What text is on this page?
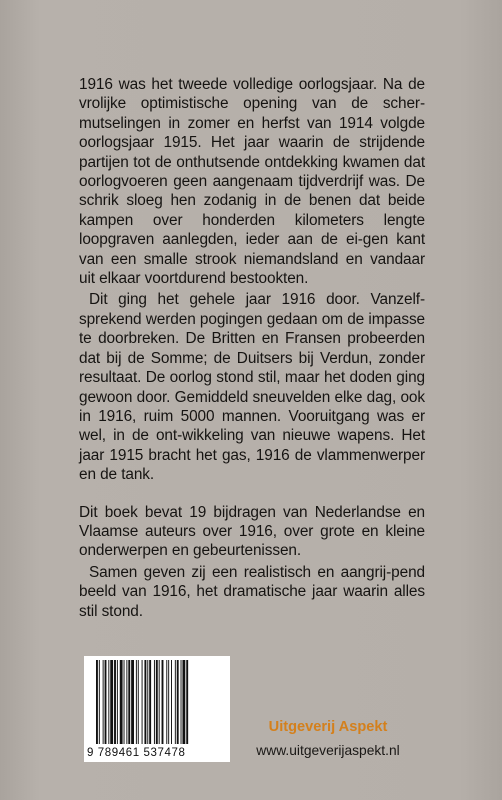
1916 was het tweede volledige oorlogsjaar. Na de vrolijke optimistische opening van de scher-mutselingen in zomer en herfst van 1914 volgde oorlogsjaar 1915. Het jaar waarin de strijdende partijen tot de onthutsende ontdekking kwamen dat oorlogvoeren geen aangenaam tijdverdrijf was. De schrik sloeg hen zodanig in de benen dat beide kampen over honderden kilometers lengte loopgraven aanlegden, ieder aan de ei-gen kant van een smalle strook niemandsland en vandaar uit elkaar voortdurend bestookten.

Dit ging het gehele jaar 1916 door. Vanzelf-sprekend werden pogingen gedaan om de impasse te doorbreken. De Britten en Fransen probeerden dat bij de Somme; de Duitsers bij Verdun, zonder resultaat. De oorlog stond stil, maar het doden ging gewoon door. Gemiddeld sneuvelden elke dag, ook in 1916, ruim 5000 mannen. Vooruitgang was er wel, in de ont-wikkeling van nieuwe wapens. Het jaar 1915 bracht het gas, 1916 de vlammenwerper en de tank.

Dit boek bevat 19 bijdragen van Nederlandse en Vlaamse auteurs over 1916, over grote en kleine onderwerpen en gebeurtenissen.

Samen geven zij een realistisch en aangrij-pend beeld van 1916, het dramatische jaar waarin alles stil stond.

9 789461 537478
Uitgeverij Aspekt
www.uitgeverijaspekt.nl
